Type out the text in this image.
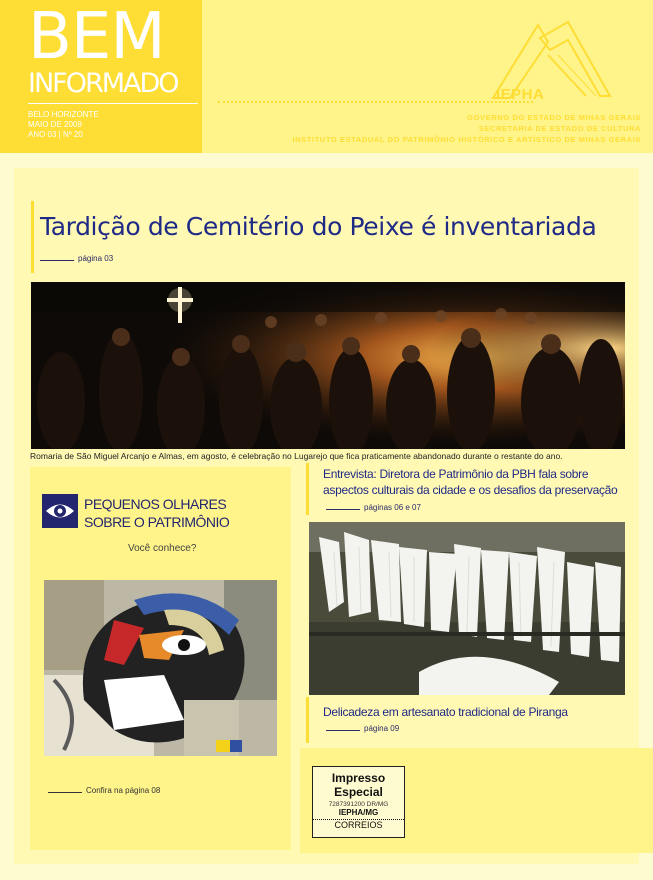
BEM
INFORMADO
BELO HORIZONTE
MAIO DE 2009
ANO 03 | Nº 20
GOVERNO DO ESTADO DE MINAS GERAIS
SECRETARIA DE ESTADO DE CULTURA
INSTITUTO ESTADUAL DO PATRIMÔNIO HISTÓRICO E ARTÍSTICO DE MINAS GERAIS
IEPHA
Tardição de Cemitério do Peixe é inventariada
página 03
Romaria de São Miguel Arcanjo e Almas, em agosto, é celebração no Lugarejo que fica praticamente abandonado durante o restante do ano.
PEQUENOS OLHARES
SOBRE O PATRIMÔNIO
Você conhece?
Confira na página 08
Entrevista: Diretora de Patrimônio da PBH fala sobre aspectos culturais da cidade e os desafios da preservação
páginas 06 e 07
Delicadeza em artesanato tradicional de Piranga
página 09
Impresso
Especial
7287391200 DR/MG
IEPHA/MG
CORREIOS
